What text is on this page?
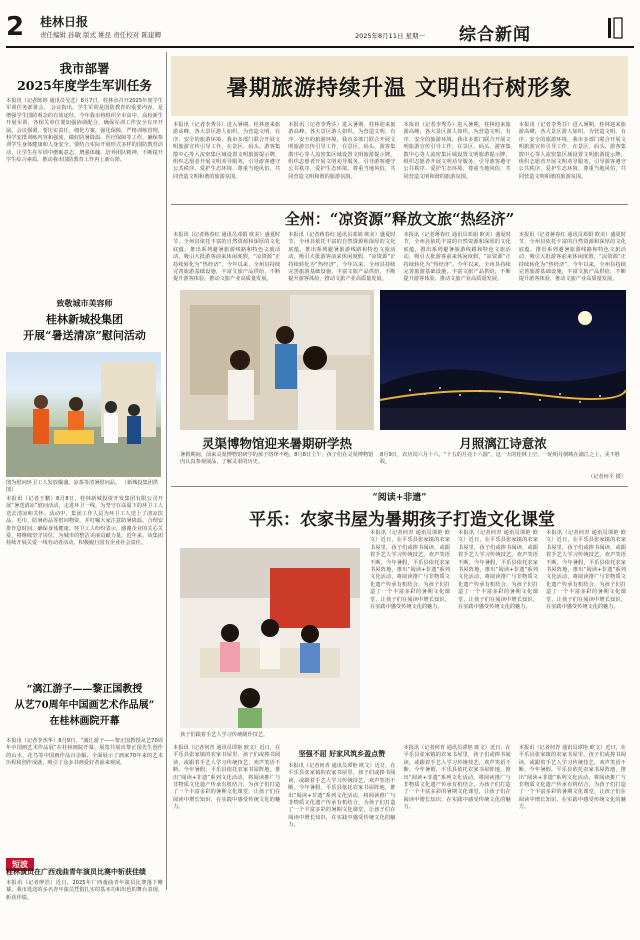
2 桂林日报
责任编辑 孙敏 版式 姚昆 责任校对 陈建卿	2025年8月11日 星期一 综合新闻
我市部署
2025年度学生军训任务
本报讯（记者陈婷 通讯员吴艺）8月7日，桂林市召开2025年度学生军训任务部署会。 会议指出，学生军训是国防教育的重要内容，是增强学生国防观念的有效途径。今年我市将组织全市高中、高校新生开展军训，各相关单位要加强协调配合，确保军训工作安全有序开展。会议强调，要压实责任，细化方案，强化保障，严格训练管理，科学安排训练内容和强度，做好防暑降温、医疗保障等工作，确保参训学生身体健康和人身安全。要结合实际开展形式多样的国防教育活动，让学生在军训中磨砺意志、增强体魄、培养团队精神，不断提升学生综合素质，推动我市国防教育工作再上新台阶。
致敬城市美容师
桂林新城投集团
开展“暑送清凉”慰问活动
图为慰问环卫工人发放爆盛、凉茶等清暑慰问品。 （新城投集团供图）
本报讯（记者王鹏）8月8日，桂林新城投资开发集团有限公司开展“暑送清凉”慰问活动，走进环卫一线，为坚守在高温下的环卫工人送去清凉和关怀。活动中，集团工作人员为环卫工人送上了清凉饮品、毛巾、防暑药品等慰问物资，并叮嘱大家注意防暑降温，合理安排作息时间，确保身体健康。环卫工人纷纷表示，感谢企业的关心关爱，将继续坚守岗位，为城市的整洁美丽贡献力量。近年来，该集团持续开展关爱一线劳动者活动，积极履行国有企业社会责任。
“漓江游子——黎正国教授
从艺70周年中国画艺术作品展”
在桂林画院开幕
本报讯（记者李杰华）8月9日，“漓江游子——黎正国教授从艺70周年中国画艺术作品展”在桂林画院开幕。展览共展出黎正国先生创作的山水、花鸟等中国画作品百余幅，全面展示了画家70年来的艺术历程和创作成就，吸引了众多书画爱好者前来观展。
短波
桂林演员在广西戏曲青年演员比赛中斩获佳绩
本报讯（记者廖浩）近日，2025年广西戏曲青年演员比赛落下帷幕。我市选送的多名青年演员凭借扎实的基本功和出色的舞台表现，斩获佳绩。
暑期旅游持续升温 文明出行树形象
本报讯（记者李秀芬）进入暑期，桂林迎来旅游高峰，各大景区游人如织。为营造文明、有序、安全的旅游环境，我市多部门联合开展文明旅游宣传引导工作，在景区、码头、游客集散中心等人流密集区域设置文明旅游提示牌，组织志愿者开展文明劝导服务，引导游客遵守公共秩序、爱护生态环境、尊重当地风俗，共同营造文明和谐的旅游氛围。
本报讯（记者李秀芬）进入暑期，桂林迎来旅游高峰，各大景区游人如织。为营造文明、有序、安全的旅游环境，我市多部门联合开展文明旅游宣传引导工作，在景区、码头、游客集散中心等人流密集区域设置文明旅游提示牌，组织志愿者开展文明劝导服务，引导游客遵守公共秩序、爱护生态环境、尊重当地风俗，共同营造文明和谐的旅游氛围。
本报讯（记者李秀芬）进入暑期，桂林迎来旅游高峰，各大景区游人如织。为营造文明、有序、安全的旅游环境，我市多部门联合开展文明旅游宣传引导工作，在景区、码头、游客集散中心等人流密集区域设置文明旅游提示牌，组织志愿者开展文明劝导服务，引导游客遵守公共秩序、爱护生态环境、尊重当地风俗，共同营造文明和谐的旅游氛围。
本报讯（记者李秀芬）进入暑期，桂林迎来旅游高峰，各大景区游人如织。为营造文明、有序、安全的旅游环境，我市多部门联合开展文明旅游宣传引导工作，在景区、码头、游客集散中心等人流密集区域设置文明旅游提示牌，组织志愿者开展文明劝导服务，引导游客遵守公共秩序、爱护生态环境、尊重当地风俗，共同营造文明和谐的旅游氛围。
全州：“凉资源”释放文旅“热经济”
本报讯（记者蒋春红 通讯员邓娟 欧美）盛夏时节，全州县依托丰富的自然资源和深厚的文化底蕴，推出系列避暑旅游线路和特色文旅活动，吸引大批游客前来休闲度假，“凉资源”正持续转化为“热经济”。今年以来，全州县持续完善旅游基础设施，丰富文旅产品供给，不断提升游客体验，推动文旅产业高质量发展。
本报讯（记者蒋春红 通讯员邓娟 欧美）盛夏时节，全州县依托丰富的自然资源和深厚的文化底蕴，推出系列避暑旅游线路和特色文旅活动，吸引大批游客前来休闲度假，“凉资源”正持续转化为“热经济”。今年以来，全州县持续完善旅游基础设施，丰富文旅产品供给，不断提升游客体验，推动文旅产业高质量发展。
本报讯（记者蒋春红 通讯员邓娟 欧美）盛夏时节，全州县依托丰富的自然资源和深厚的文化底蕴，推出系列避暑旅游线路和特色文旅活动，吸引大批游客前来休闲度假，“凉资源”正持续转化为“热经济”。今年以来，全州县持续完善旅游基础设施，丰富文旅产品供给，不断提升游客体验，推动文旅产业高质量发展。
本报讯（记者蒋春红 通讯员邓娟 欧美）盛夏时节，全州县依托丰富的自然资源和深厚的文化底蕴，推出系列避暑旅游线路和特色文旅活动，吸引大批游客前来休闲度假，“凉资源”正持续转化为“热经济”。今年以来，全州县持续完善旅游基础设施，丰富文旅产品供给，不断提升游客体验，推动文旅产业高质量发展。
灵渠博物馆迎来暑期研学热
暑假期间，前来灵渠博物馆研学的孩子络绎不绝。8月8日上午，孩子们在灵渠博物馆内认真参观展品，了解灵渠的历史。
月照漓江诗意浓
8月9日，农历闰六月十六，“十五的月亮十六圆”。这一天的桂林上空，一轮明月倒映在漓江之上，美不胜收。
（记者何平 摄）
“阅读+非遗”
平乐：农家书屋为暑期孩子打造文化课堂
孩子们跟着手艺人学习传统制作技艺。
本报讯（记者何青 通讯员谭艳 欧文）近日，在平乐县张家镇的农家书屋里，孩子们或捧书阅读，或跟着手艺人学习传统技艺，欢声笑语不断。今年暑假，平乐县依托农家书屋阵地，推出“阅读+非遗”系列文化活动，将阅读推广与非物质文化遗产传承有机结合，为孩子们打造了一个丰富多彩的暑期文化课堂，让孩子们在阅读中增长知识，在实践中感受传统文化的魅力。
本报讯（记者何青 通讯员谭艳 欧文）近日，在平乐县张家镇的农家书屋里，孩子们或捧书阅读，或跟着手艺人学习传统技艺，欢声笑语不断。今年暑假，平乐县依托农家书屋阵地，推出“阅读+非遗”系列文化活动，将阅读推广与非物质文化遗产传承有机结合，为孩子们打造了一个丰富多彩的暑期文化课堂，让孩子们在阅读中增长知识，在实践中感受传统文化的魅力。
本报讯（记者何青 通讯员谭艳 欧文）近日，在平乐县张家镇的农家书屋里，孩子们或捧书阅读，或跟着手艺人学习传统技艺，欢声笑语不断。今年暑假，平乐县依托农家书屋阵地，推出“阅读+非遗”系列文化活动，将阅读推广与非物质文化遗产传承有机结合，为孩子们打造了一个丰富多彩的暑期文化课堂，让孩子们在阅读中增长知识，在实践中感受传统文化的魅力。
本报讯（记者何青 通讯员谭艳 欧文）近日，在平乐县张家镇的农家书屋里，孩子们或捧书阅读，或跟着手艺人学习传统技艺，欢声笑语不断。今年暑假，平乐县依托农家书屋阵地，推出“阅读+非遗”系列文化活动，将阅读推广与非物质文化遗产传承有机结合，为孩子们打造了一个丰富多彩的暑期文化课堂，让孩子们在阅读中增长知识，在实践中感受传统文化的魅力。
坚强不屈 好家风筑乡盈点赞
本报讯（记者何青 通讯员谭艳 欧文）近日，在平乐县张家镇的农家书屋里，孩子们或捧书阅读，或跟着手艺人学习传统技艺，欢声笑语不断。今年暑假，平乐县依托农家书屋阵地，推出“阅读+非遗”系列文化活动，将阅读推广与非物质文化遗产传承有机结合，为孩子们打造了一个丰富多彩的暑期文化课堂，让孩子们在阅读中增长知识，在实践中感受传统文化的魅力。
本报讯（记者何青 通讯员谭艳 欧文）近日，在平乐县张家镇的农家书屋里，孩子们或捧书阅读，或跟着手艺人学习传统技艺，欢声笑语不断。今年暑假，平乐县依托农家书屋阵地，推出“阅读+非遗”系列文化活动，将阅读推广与非物质文化遗产传承有机结合，为孩子们打造了一个丰富多彩的暑期文化课堂，让孩子们在阅读中增长知识，在实践中感受传统文化的魅力。
本报讯（记者何青 通讯员谭艳 欧文）近日，在平乐县张家镇的农家书屋里，孩子们或捧书阅读，或跟着手艺人学习传统技艺，欢声笑语不断。今年暑假，平乐县依托农家书屋阵地，推出“阅读+非遗”系列文化活动，将阅读推广与非物质文化遗产传承有机结合，为孩子们打造了一个丰富多彩的暑期文化课堂，让孩子们在阅读中增长知识，在实践中感受传统文化的魅力。
